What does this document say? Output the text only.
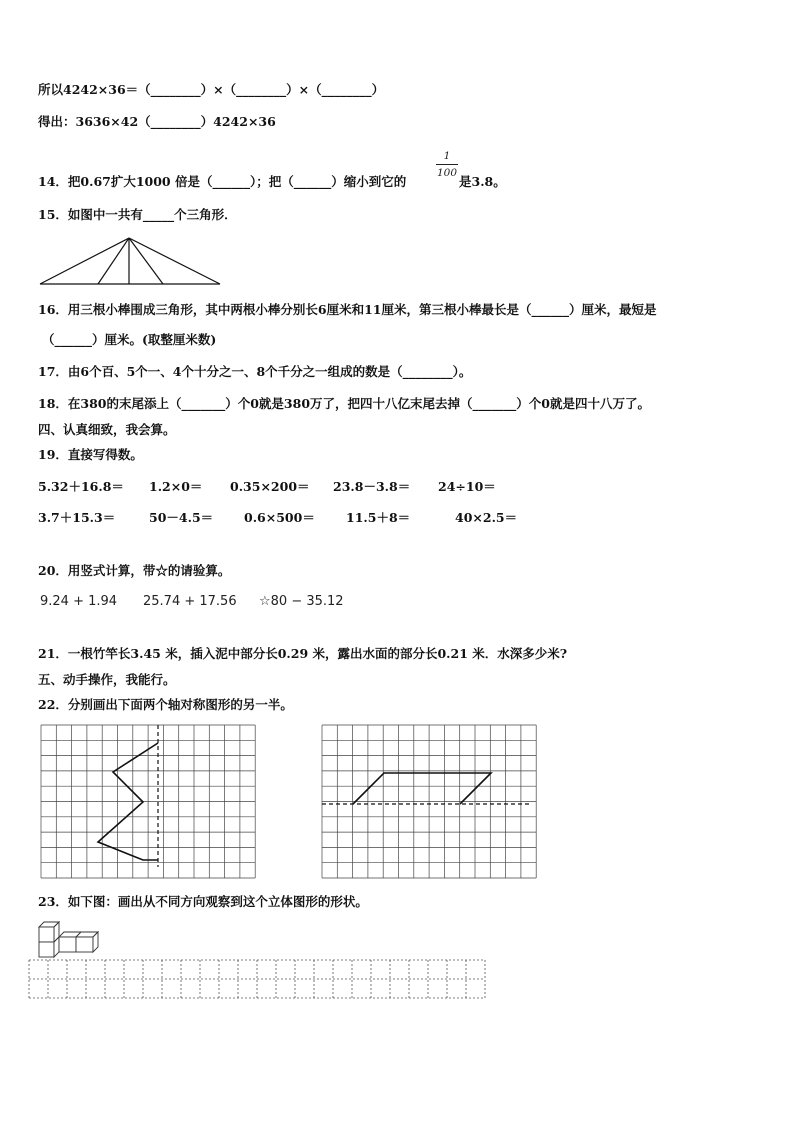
所以4242×36＝（________）×（________）×（________）
得出：3636×42（________）4242×36
14．把0.67扩大1000 倍是（______）；把（______）缩小到它的
$\frac{1}{100}$
是3.8。
15．如图中一共有_____个三角形．
16．用三根小棒围成三角形，其中两根小棒分别长6厘米和11厘米，第三根小棒最长是（______）厘米，最短是
（______）厘米。(取整厘米数)
17．由6个百、5个一、4个十分之一、8个千分之一组成的数是（________）。
18．在380的末尾添上（_______）个0就是380万了，把四十八亿末尾去掉（_______）个0就是四十八万了。
四、认真细致，我会算。
19．直接写得数。
5.32＋16.8＝ 1.2×0＝ 0.35×200＝ 23.8－3.8＝ 24÷10＝
3.7＋15.3＝	50－4.5＝ 0.6×500＝ 11.5＋8＝	40×2.5＝
20．用竖式计算，带☆的请验算。
9.24 + 1.94 25.74 + 17.56 ☆80 − 35.12
21．一根竹竿长3.45 米，插入泥中部分长0.29 米，露出水面的部分长0.21 米．水深多少米?
五、动手操作，我能行。
22．分别画出下面两个轴对称图形的另一半。
23．如下图：画出从不同方向观察到这个立体图形的形状。
